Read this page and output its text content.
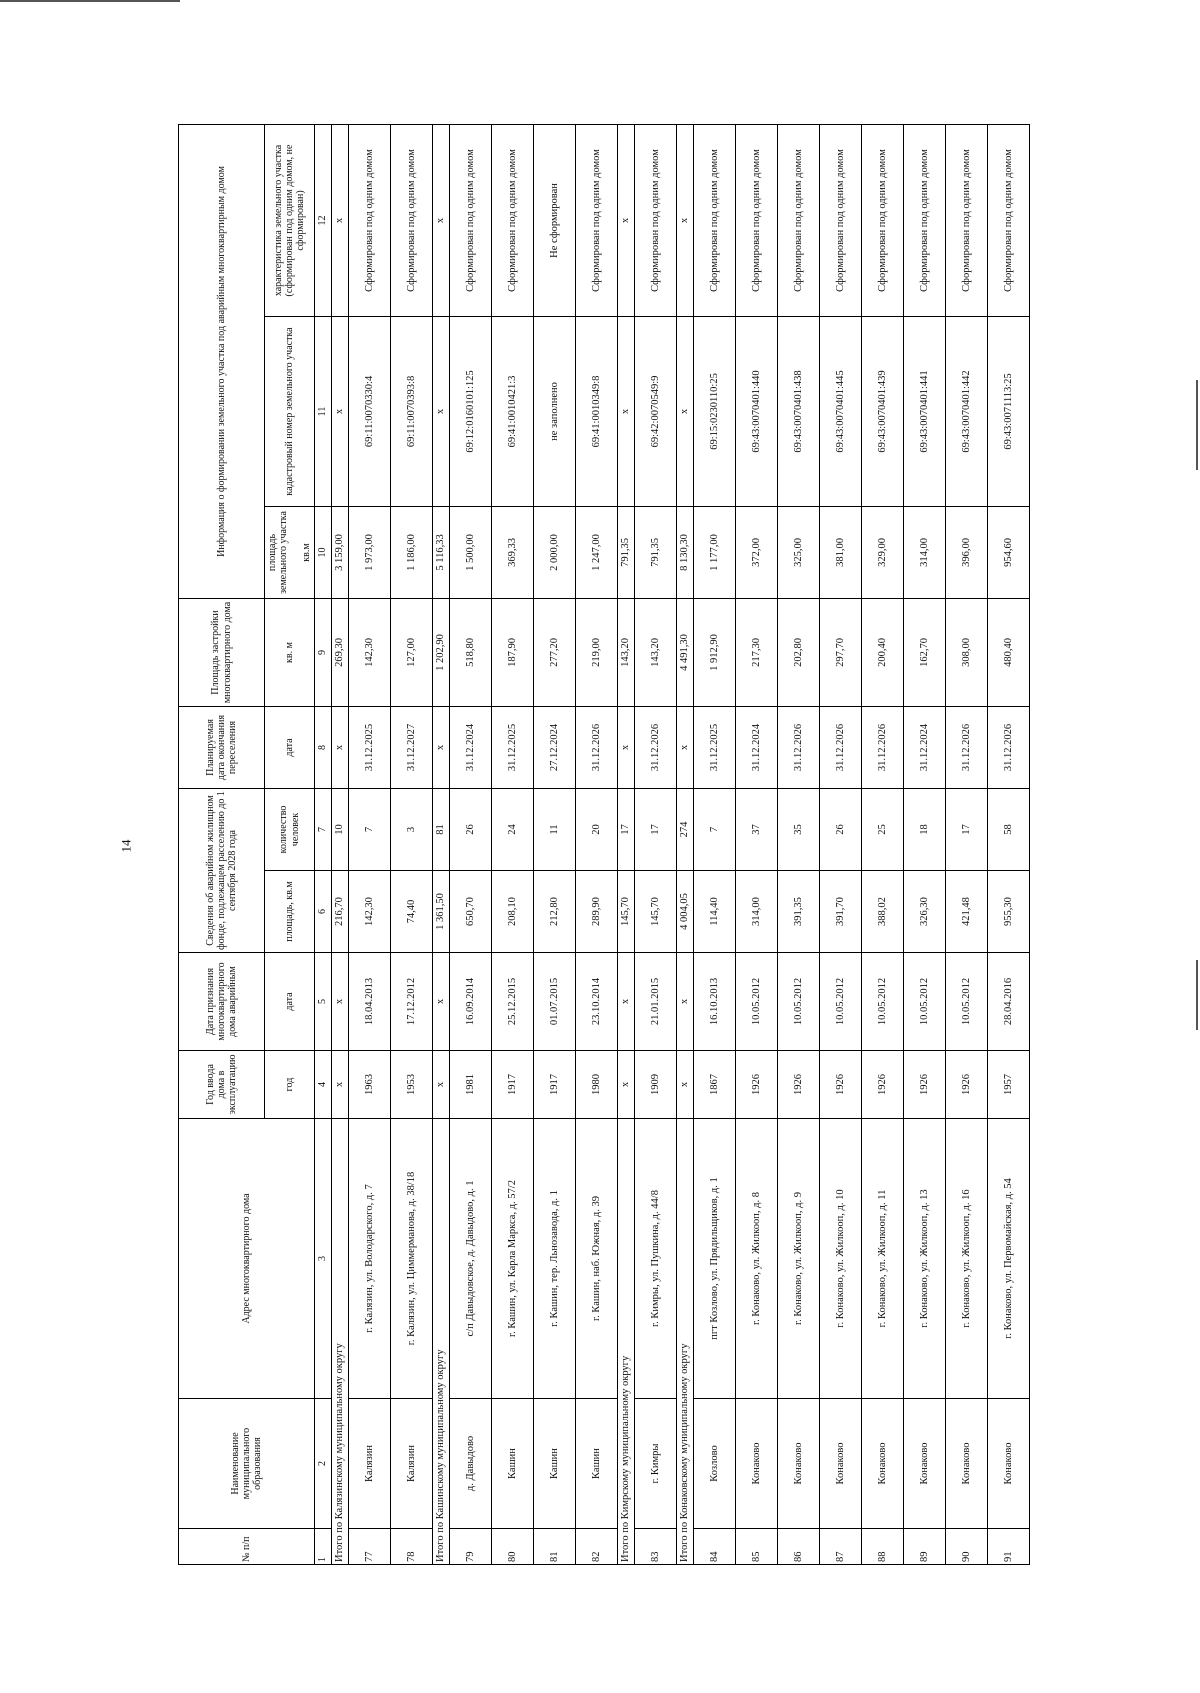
14
№ п/п	Наименование муниципального образования	Адрес многоквартирного дома	Год ввода дома в эксплуатацию	Дата признания многоквартирного дома аварийным	Сведения об аварийном жилищном фонде, подлежащем расселению до 1 сентября 2028 года		Планируемая дата окончания переселения	Площадь застройки многоквартирного дома	Информация о формировании земельного участка под аварийным многоквартирным домом		
			год	дата	площадь, кв.м	количество человек	дата	кв. м	площадь земельного участка кв.м	кадастровый номер земельного участка	характеристика земельного участка (сформирован под одним домом, не сформирован)
1	2	3	4	5	6	7	8	9	10	11	12
Итого по Калязинскому муниципальному округу			x	x	216,70	10	x	269,30	3 159,00	x	x
77	Калязин	г. Калязин, ул. Володарского, д. 7	1963	18.04.2013	142,30	7	31.12.2025	142,30	1 973,00	69:11:0070330:4	Сформирован под одним домом
78	Калязин	г. Калязин, ул. Циммерманова, д. 38/18	1953	17.12.2012	74,40	3	31.12.2027	127,00	1 186,00	69:11:0070393:8	Сформирован под одним домом
Итого по Кашинскому муниципальному округу			x	x	1 361,50	81	x	1 202,90	5 116,33	x	x
79	д. Давыдово	с/п Давыдовское, д. Давыдово, д. 1	1981	16.09.2014	650,70	26	31.12.2024	518,80	1 500,00	69:12:0160101:125	Сформирован под одним домом
80	Кашин	г. Кашин, ул. Карла Маркса, д. 57/2	1917	25.12.2015	208,10	24	31.12.2025	187,90	369,33	69:41:0010421:3	Сформирован под одним домом
81	Кашин	г. Кашин, тер. Льнозавода, д. 1	1917	01.07.2015	212,80	11	27.12.2024	277,20	2 000,00	не заполнено	Не сформирован
82	Кашин	г. Кашин, наб. Южная, д. 39	1980	23.10.2014	289,90	20	31.12.2026	219,00	1 247,00	69:41:0010349:8	Сформирован под одним домом
Итого по Кимрскому муниципальному округу			x	x	145,70	17	x	143,20	791,35	x	x
83	г. Кимры	г. Кимры, ул. Пушкина, д. 44/8	1909	21.01.2015	145,70	17	31.12.2026	143,20	791,35	69:42:0070549:9	Сформирован под одним домом
Итого по Конаковскому муниципальному округу			x	x	4 004,05	274	x	4 491,30	8 130,30	x	x
84	Козлово	пгт Козлово, ул. Прядильщиков, д. 1	1867	16.10.2013	114,40	7	31.12.2025	1 912,90	1 177,00	69:15:0230110:25	Сформирован под одним домом
85	Конаково	г. Конаково, ул. Жилкооп, д. 8	1926	10.05.2012	314,00	37	31.12.2024	217,30	372,00	69:43:0070401:440	Сформирован под одним домом
86	Конаково	г. Конаково, ул. Жилкооп, д. 9	1926	10.05.2012	391,35	35	31.12.2026	202,80	325,00	69:43:0070401:438	Сформирован под одним домом
87	Конаково	г. Конаково, ул. Жилкооп, д. 10	1926	10.05.2012	391,70	26	31.12.2026	297,70	381,00	69:43:0070401:445	Сформирован под одним домом
88	Конаково	г. Конаково, ул. Жилкооп, д. 11	1926	10.05.2012	388,02	25	31.12.2026	200,40	329,00	69:43:0070401:439	Сформирован под одним домом
89	Конаково	г. Конаково, ул. Жилкооп, д. 13	1926	10.05.2012	326,30	18	31.12.2024	162,70	314,00	69:43:0070401:441	Сформирован под одним домом
90	Конаково	г. Конаково, ул. Жилкооп, д. 16	1926	10.05.2012	421,48	17	31.12.2026	308,00	396,00	69:43:0070401:442	Сформирован под одним домом
91	Конаково	г. Конаково, ул. Первомайская, д. 54	1957	28.04.2016	955,30	58	31.12.2026	480,40	954,60	69:43:0071113:25	Сформирован под одним домом
